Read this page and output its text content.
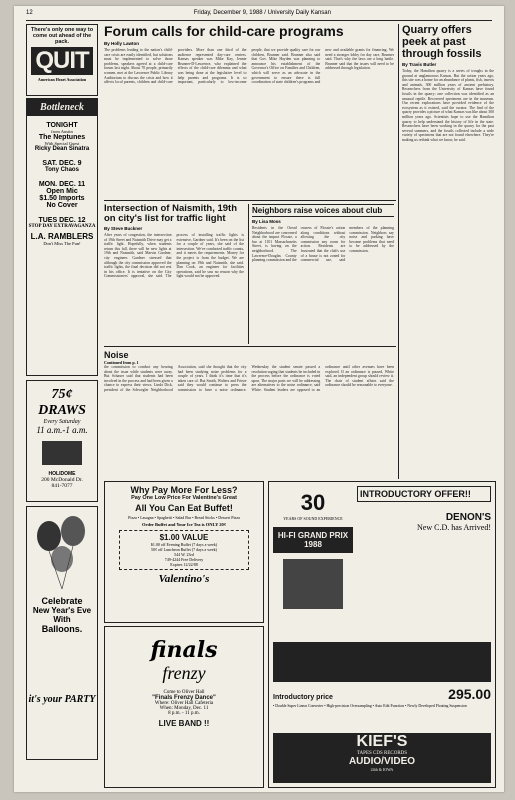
12	Friday, December 9, 1988 / University Daily Kansan
There's only one way to come out ahead of the pack.
QUIT
American Heart Association
Bottleneck
TONIGHT
from Austin
The Neptunes
With Special Guest
Ricky Dean Sinatra
SAT. DEC. 9
Tony Chaos
MON. DEC. 11
Open Mic
$1.50 Imports
No Cover
TUES DEC. 12
STOP DAY EXTRAVAGANZA
L.A. RAMBLERS
Don't Miss The Fun!
75¢ DRAWS
Every Saturday
11 a.m.-1 a.m.
HOLIDOME
200 McDonald Dr.
841-7077
Celebrate
New Year's Eve
With
Balloons.
it's your PARTY
Forum calls for child-care programs
By Holly Lawton
The problems leading to the nation's child-care crisis are easily identified, but solutions must be implemented to solve those problems, speakers agreed at a child-care forum last night. About 70 people, primarily women, met at the Lawrence Public Library Auditorium to discuss the crisis and how it affects local parents, children and child-care providers. More than one third of the audience represented day-care centers. Kansas speaker was Mike Kay, Jennie Brunner-D-Lawrence, who explained the effects of the child-care dilemma and what was being done at the legislative level to help parents and programs. It is so important, particularly to low-income people, that we provide quality care for our children, Brunner said. Brunner also said that Gov. Mike Hayden was planning to announce his establishment of the Governor's Office on Families and Children, which will serve as an advocate in the government to ensure there is full coordination of state children's programs and new and available grants for financing. We need a stronger lobby for day care, Brunner said. That's why the laws are a long battle. Brunner said that the issues will need to be addressed through legislation.
Quarry offers peek at past through fossils
By Travis Butler
Today, the Hamilton quarry is a series of troughs in the ground at unglamorous Kansas. But the action years ago, this site was a home for an abundance of plants, fish, insects and animals, 300 million years of ancient prehistory. Researchers from the University of Kansas have found fossils in the quarry; one collection was identified as an unusual reptile. Recovered specimens are in the museum. Our recent explorations have provided evidence of the ecosystem as it existed, said the curator. The find of the quarry provides a picture of what Kansas was like about 300 million years ago. Scientists hope to use the Hamilton quarry to help understand the history of life in the state. Researchers have been working in the quarry for the past several summers, and the fossils collected include a wide variety of specimens that are not found elsewhere. They're making us rethink what we know, he said.
Intersection of Naismith, 19th on city's list for traffic light
By Steve Buckner
After years of congestion, the intersection of 19th Street and Naismith Drive may get a traffic light. Hopefully, when students return this fall, there will be new lights at 19th and Naismith, said Marvin Gardner, city engineer. Gardner stressed that although the city commission approved the traffic lights, the final decision did not rest in his office. It is tentative on the City Commissioners' approval, she said. The process of installing traffic lights is extensive, Gardner said. It's been on the list for a couple of years, she said of the intersection. We've conducted traffic counts, and it meets the requirements. Money for the project is from the budget. We are planning on 19th and Naismith, she said. Dan Cook, an engineer for facilities operations, said he saw no reason why the light would not be approved.
Neighbors raise voices about club
By Lisa Moss
Residents in the Oread Neighborhood are concerned about the impact Flossie, a bar at 1101 Massachusetts Street, is having on the neighborhood. The Lawrence-Douglas County planning commission and the owners of Flossie's action along conditions without allowing the city commission any room for action. Residents are frustrated that the club's use of a house is not zoned for commercial use, said members of the planning commission. Neighbors say noise and parking have become problems that need to be addressed by the commission.
Noise
Continued from p. 1
the commission to conduct any hearing about the issue while students were away. But Schauer said that students had been involved in the process and had been given a chance to express their views. Linda Dick, president of the Schwegler Neighborhood Association, said she thought that the city had been studying noise problems for a couple of years. I think it's time that it's taken care of. But Smith, Walters and Frieze said they would continue to press the commission to have a noise ordinance. Wednesday the student senate passed a resolution urging that students be included in the process before the ordinance is voted upon. The major parts we will be addressing are alternatives to the noise ordinance, said White. Student leaders are opposed to an ordinance until other avenues have been explored. If an ordinance is passed, White said, an independent group should review it. The chair of student affairs said the ordinance should be reasonable to everyone.
Why Pay More For Less?
Pay One Low Price For Valentine's Great
All You Can Eat Buffet!
Pizza • Lasagna • Spaghetti • Salad Bar • Bread Sticks • Dessert Pizza
Order Buffet and Your Ice Tea is ONLY 20¢
$1.00 VALUE
$1.00 off Evening Buffet (7 days a week)
50¢ off Luncheon Buffet (7 days a week)
544 W. 23rd
749-4244 Free Delivery
Expires 12/22/88
Valentino's
finals
frenzy
Come to Oliver Hall
"Finals Frenzy Dance"
Where: Oliver Hall Cafeteria
When: Monday, Dec. 11
8 p.m. - 11 p.m.
LIVE BAND !!
30
YEARS OF SOUND EXPERIENCE
HI-FI GRAND PRIX 1988
INTRODUCTORY OFFER!!
DENON'S
New C.D. has Arrived!
Introductory price	295.00
• Double Super Linear Converter • High-precision Oversampling • Auto Edit Function • Newly Developed Floating Suspension
KIEF'S
TAPES CDS RECORDS
AUDIO/VIDEO
24th & IOWA
